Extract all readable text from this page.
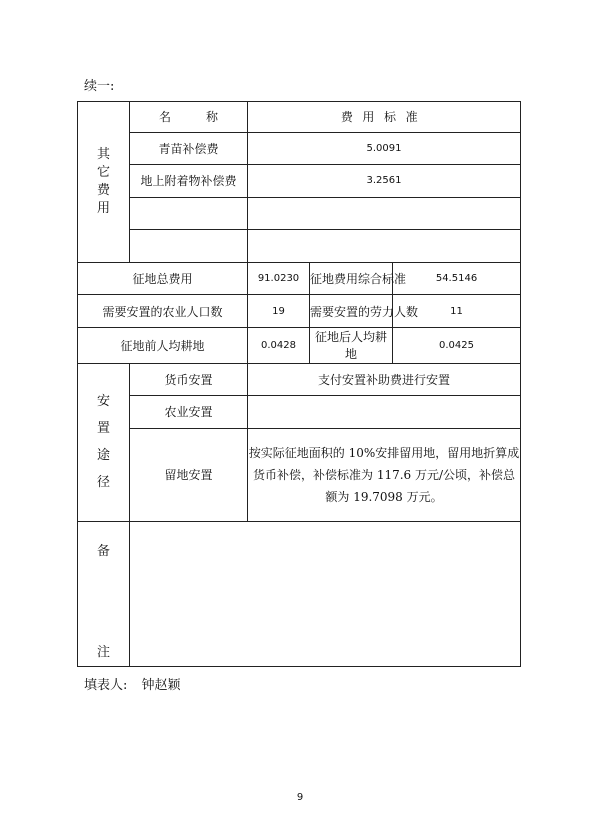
续一:
其
它
费
用	名 称	费用标准		
	青苗补偿费	5.0091		
	地上附着物补偿费	3.2561		

征地总费用		91.0230	征地费用综合标准	54.5146
需要安置的农业人口数		19	需要安置的劳力人数	11
征地前人均耕地		0.0428	征地后人均耕地	0.0425

安
置
途
径	货币安置	支付安置补助费进行安置		
	农业安置			
	留地安置	按实际征地面积的 10%安排留用地，留用地折算成货币补偿，补偿标准为 117.6 万元/公顷，补偿总额为 19.7098 万元。		

备
注				

填表人: 钟赵颖
9
